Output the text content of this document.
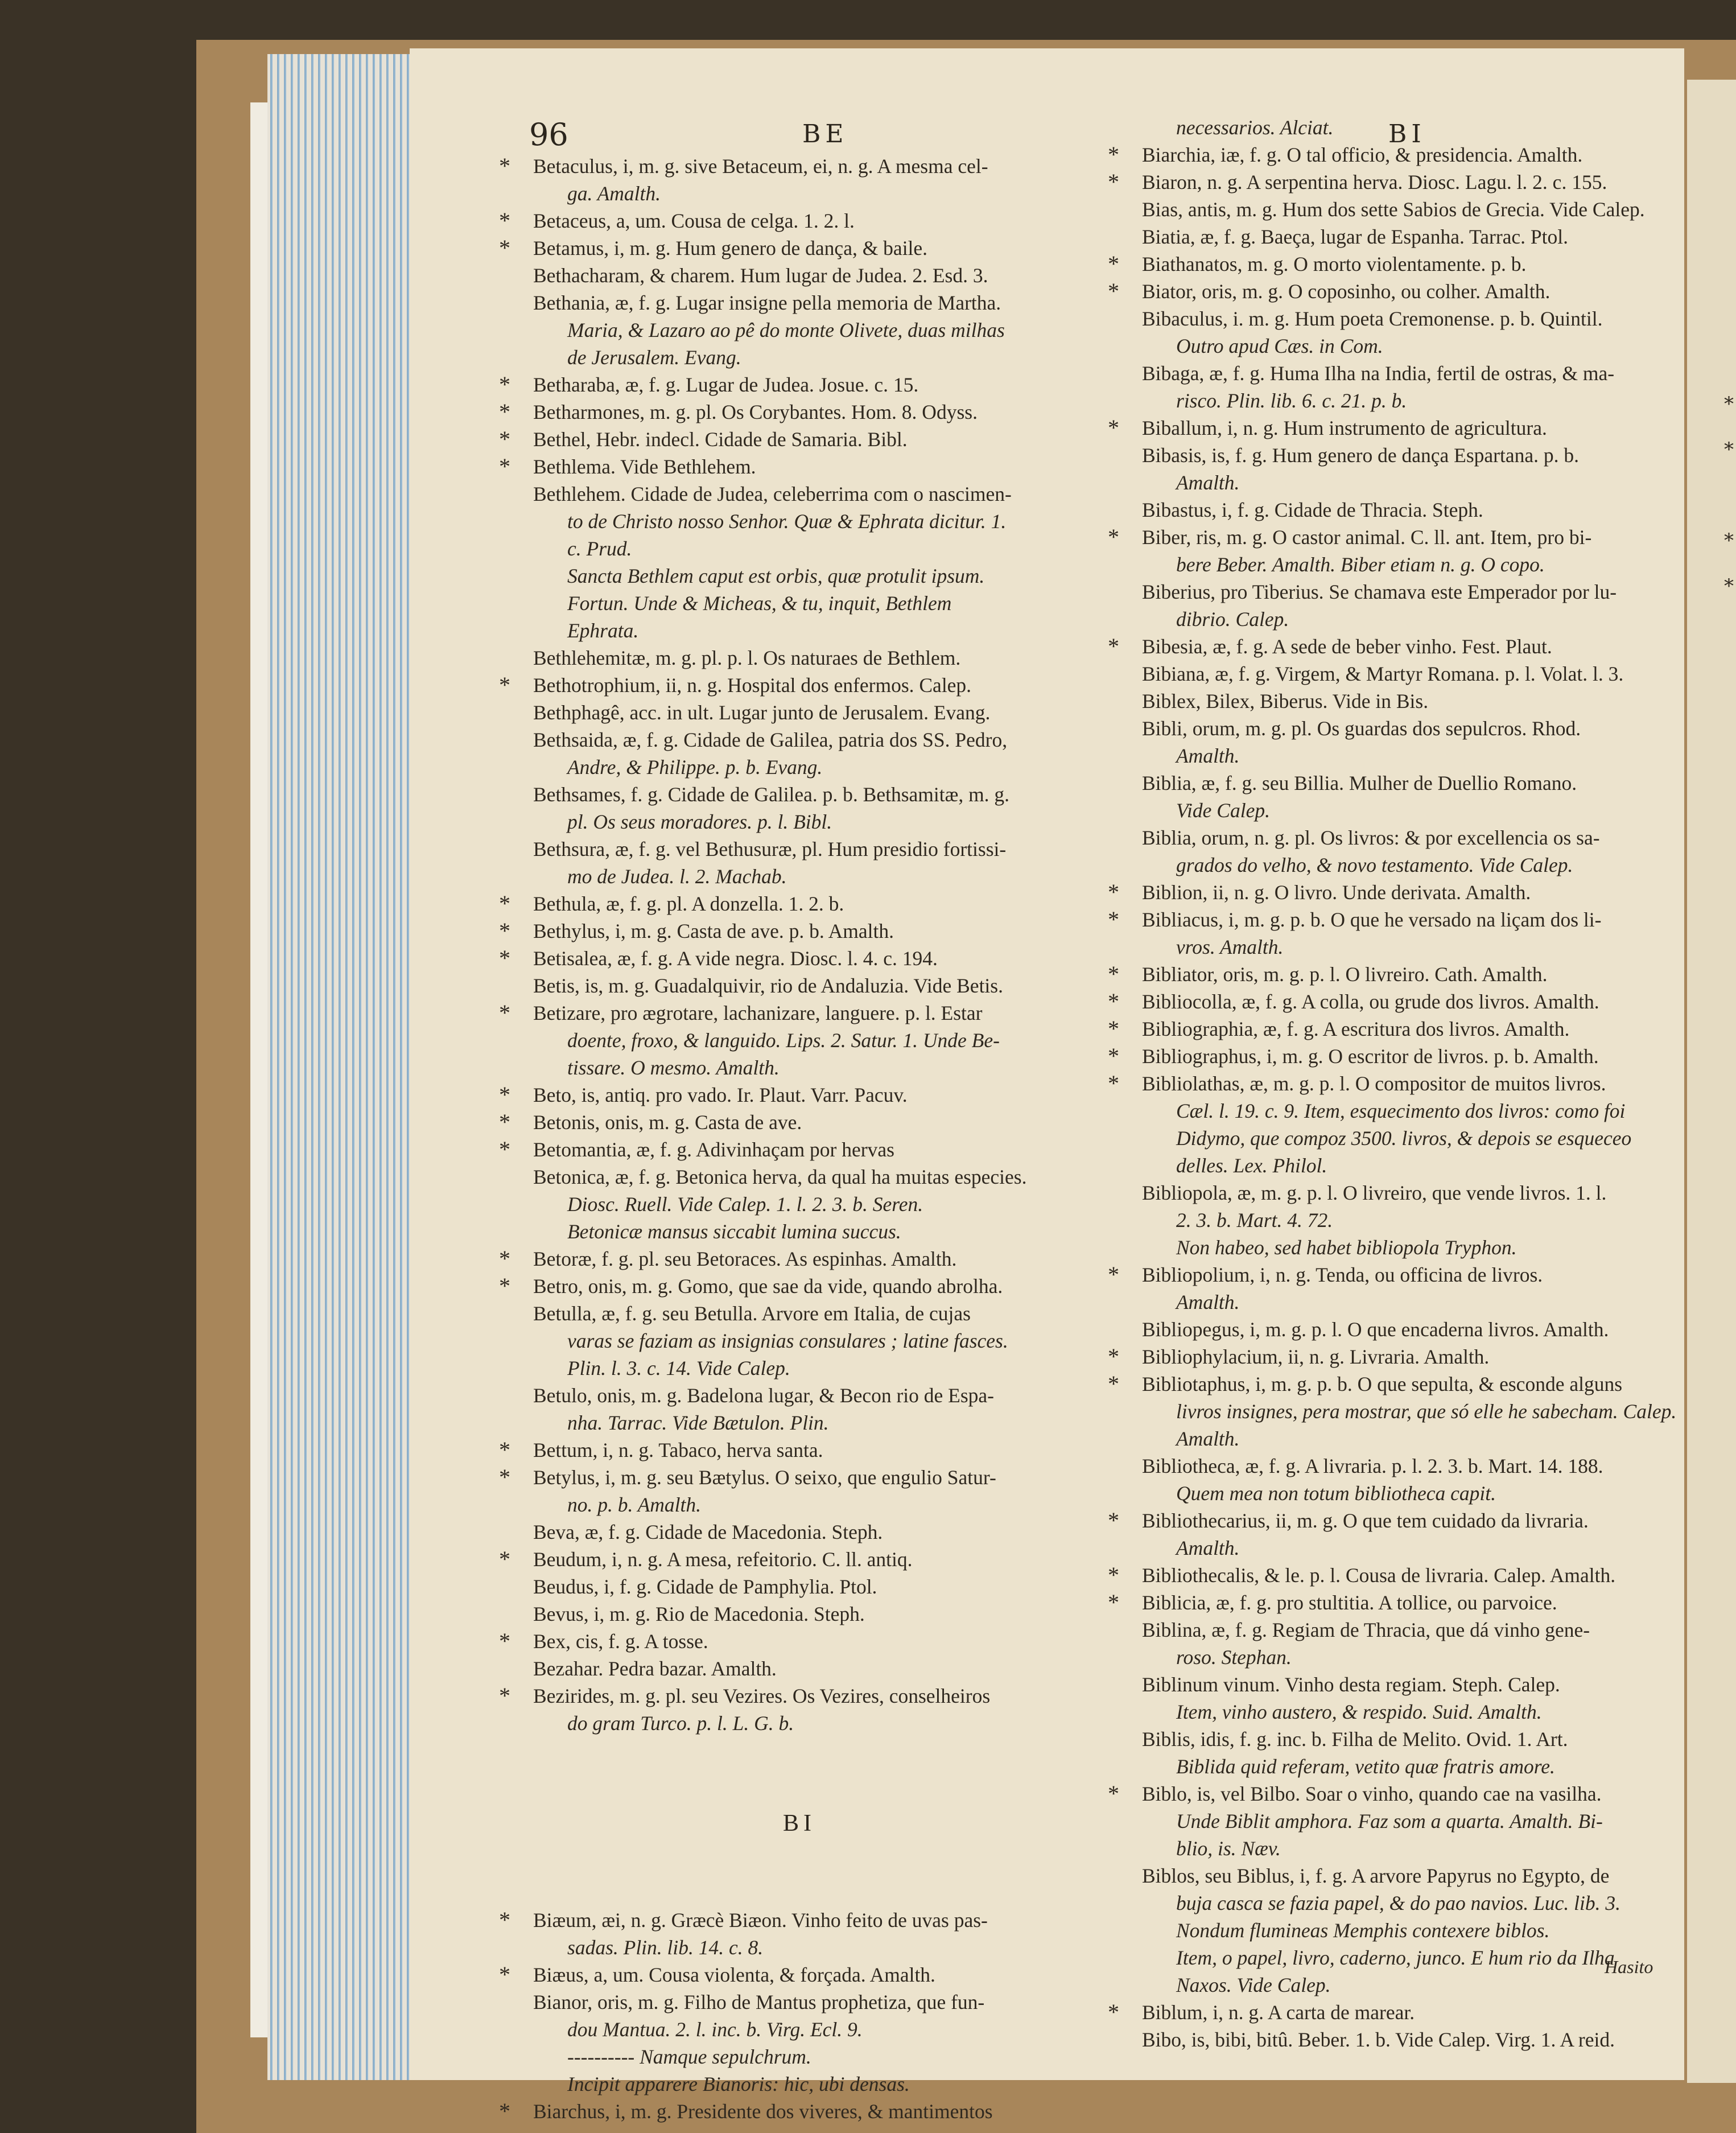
96	BE	BI

* Betaculus, i, m. g. sive Betaceum, ei, n. g. A mesma cel-

ga. Amalth.

* Betaceus, a, um. Cousa de celga. 1. 2. l.

* Betamus, i, m. g. Hum genero de dança, & baile.

Bethacharam, & charem. Hum lugar de Judea. 2. Esd. 3.

Bethania, æ, f. g. Lugar insigne pella memoria de Martha.

Maria, & Lazaro ao pê do monte Olivete, duas milhas

de Jerusalem. Evang.

* Betharaba, æ, f. g. Lugar de Judea. Josue. c. 15.

* Betharmones, m. g. pl. Os Corybantes. Hom. 8. Odyss.

* Bethel, Hebr. indecl. Cidade de Samaria. Bibl.

* Bethlema. Vide Bethlehem.

Bethlehem. Cidade de Judea, celeberrima com o nascimen-

to de Christo nosso Senhor. Quæ & Ephrata dicitur. 1.

c. Prud.

Sancta Bethlem caput est orbis, quæ protulit ipsum.

Fortun. Unde & Micheas, & tu, inquit, Bethlem

Ephrata.

Bethlehemitæ, m. g. pl. p. l. Os naturaes de Bethlem.

* Bethotrophium, ii, n. g. Hospital dos enfermos. Calep.

Bethphagê, acc. in ult. Lugar junto de Jerusalem. Evang.

Bethsaida, æ, f. g. Cidade de Galilea, patria dos SS. Pedro,

Andre, & Philippe. p. b. Evang.

Bethsames, f. g. Cidade de Galilea. p. b. Bethsamitæ, m. g.

pl. Os seus moradores. p. l. Bibl.

Bethsura, æ, f. g. vel Bethusuræ, pl. Hum presidio fortissi-

mo de Judea. l. 2. Machab.

* Bethula, æ, f. g. pl. A donzella. 1. 2. b.

* Bethylus, i, m. g. Casta de ave. p. b. Amalth.

* Betisalea, æ, f. g. A vide negra. Diosc. l. 4. c. 194.

Betis, is, m. g. Guadalquivir, rio de Andaluzia. Vide Betis.

* Betizare, pro ægrotare, lachanizare, languere. p. l. Estar

doente, froxo, & languido. Lips. 2. Satur. 1. Unde Be-

tissare. O mesmo. Amalth.

* Beto, is, antiq. pro vado. Ir. Plaut. Varr. Pacuv.

* Betonis, onis, m. g. Casta de ave.

* Betomantia, æ, f. g. Adivinhaçam por hervas

Betonica, æ, f. g. Betonica herva, da qual ha muitas especies.

Diosc. Ruell. Vide Calep. 1. l. 2. 3. b. Seren.

Betonicæ mansus siccabit lumina succus.

* Betoræ, f. g. pl. seu Betoraces. As espinhas. Amalth.

* Betro, onis, m. g. Gomo, que sae da vide, quando abrolha.

Betulla, æ, f. g. seu Betulla. Arvore em Italia, de cujas

varas se faziam as insignias consulares ; latine fasces.

Plin. l. 3. c. 14. Vide Calep.

Betulo, onis, m. g. Badelona lugar, & Becon rio de Espa-

nha. Tarrac. Vide Bætulon. Plin.

* Bettum, i, n. g. Tabaco, herva santa.

* Betylus, i, m. g. seu Bætylus. O seixo, que engulio Satur-

no. p. b. Amalth.

Beva, æ, f. g. Cidade de Macedonia. Steph.

* Beudum, i, n. g. A mesa, refeitorio. C. ll. antiq.

Beudus, i, f. g. Cidade de Pamphylia. Ptol.

Bevus, i, m. g. Rio de Macedonia. Steph.

* Bex, cis, f. g. A tosse.

Bezahar. Pedra bazar. Amalth.

* Bezirides, m. g. pl. seu Vezires. Os Vezires, conselheiros

do gram Turco. p. l. L. G. b.

BI

* Biæum, æi, n. g. Græcè Biæon. Vinho feito de uvas pas-

sadas. Plin. lib. 14. c. 8.

* Biæus, a, um. Cousa violenta, & forçada. Amalth.

Bianor, oris, m. g. Filho de Mantus prophetiza, que fun-

dou Mantua. 2. l. inc. b. Virg. Ecl. 9.

---------- Namque sepulchrum.

Incipit apparere Bianoris: hic, ubi densas.

* Biarchus, i, m. g. Presidente dos viveres, & mantimentos

necessarios. Alciat.

* Biarchia, iæ, f. g. O tal officio, & presidencia. Amalth.

* Biaron, n. g. A serpentina herva. Diosc. Lagu. l. 2. c. 155.

Bias, antis, m. g. Hum dos sette Sabios de Grecia. Vide Calep.

Biatia, æ, f. g. Baeça, lugar de Espanha. Tarrac. Ptol.

* Biathanatos, m. g. O morto violentamente. p. b.

* Biator, oris, m. g. O coposinho, ou colher. Amalth.

Bibaculus, i. m. g. Hum poeta Cremonense. p. b. Quintil.

Outro apud Cæs. in Com.

Bibaga, æ, f. g. Huma Ilha na India, fertil de ostras, & ma-

risco. Plin. lib. 6. c. 21. p. b.

* Biballum, i, n. g. Hum instrumento de agricultura.

Bibasis, is, f. g. Hum genero de dança Espartana. p. b.

Amalth.

Bibastus, i, f. g. Cidade de Thracia. Steph.

* Biber, ris, m. g. O castor animal. C. ll. ant. Item, pro bi-

bere Beber. Amalth. Biber etiam n. g. O copo.

Biberius, pro Tiberius. Se chamava este Emperador por lu-

dibrio. Calep.

* Bibesia, æ, f. g. A sede de beber vinho. Fest. Plaut.

Bibiana, æ, f. g. Virgem, & Martyr Romana. p. l. Volat. l. 3.

Biblex, Bilex, Biberus. Vide in Bis.

Bibli, orum, m. g. pl. Os guardas dos sepulcros. Rhod.

Amalth.

Biblia, æ, f. g. seu Billia. Mulher de Duellio Romano.

Vide Calep.

Biblia, orum, n. g. pl. Os livros: & por excellencia os sa-

grados do velho, & novo testamento. Vide Calep.

* Biblion, ii, n. g. O livro. Unde derivata. Amalth.

* Bibliacus, i, m. g. p. b. O que he versado na liçam dos li-

vros. Amalth.

* Bibliator, oris, m. g. p. l. O livreiro. Cath. Amalth.

* Bibliocolla, æ, f. g. A colla, ou grude dos livros. Amalth.

* Bibliographia, æ, f. g. A escritura dos livros. Amalth.

* Bibliographus, i, m. g. O escritor de livros. p. b. Amalth.

* Bibliolathas, æ, m. g. p. l. O compositor de muitos livros.

Cæl. l. 19. c. 9. Item, esquecimento dos livros: como foi

Didymo, que compoz 3500. livros, & depois se esqueceo

delles. Lex. Philol.

Bibliopola, æ, m. g. p. l. O livreiro, que vende livros. 1. l.

2. 3. b. Mart. 4. 72.

Non habeo, sed habet bibliopola Tryphon.

* Bibliopolium, i, n. g. Tenda, ou officina de livros.

Amalth.

Bibliopegus, i, m. g. p. l. O que encaderna livros. Amalth.

* Bibliophylacium, ii, n. g. Livraria. Amalth.

* Bibliotaphus, i, m. g. p. b. O que sepulta, & esconde alguns

livros insignes, pera mostrar, que só elle he sabecham. Calep.

Amalth.

Bibliotheca, æ, f. g. A livraria. p. l. 2. 3. b. Mart. 14. 188.

Quem mea non totum bibliotheca capit.

* Bibliothecarius, ii, m. g. O que tem cuidado da livraria.

Amalth.

* Bibliothecalis, & le. p. l. Cousa de livraria. Calep. Amalth.

* Biblicia, æ, f. g. pro stultitia. A tollice, ou parvoice.

Biblina, æ, f. g. Regiam de Thracia, que dá vinho gene-

roso. Stephan.

Biblinum vinum. Vinho desta regiam. Steph. Calep.

Item, vinho austero, & respido. Suid. Amalth.

Biblis, idis, f. g. inc. b. Filha de Melito. Ovid. 1. Art.

Biblida quid referam, vetito quæ fratris amore.

* Biblo, is, vel Bilbo. Soar o vinho, quando cae na vasilha.

Unde Biblit amphora. Faz som a quarta. Amalth. Bi-

blio, is. Næv.

Biblos, seu Biblus, i, f. g. A arvore Papyrus no Egypto, de

buja casca se fazia papel, & do pao navios. Luc. lib. 3.

Nondum flumineas Memphis contexere biblos.

Item, o papel, livro, caderno, junco. E hum rio da Ilha

Naxos. Vide Calep.

* Biblum, i, n. g. A carta de marear.

Bibo, is, bibi, bitû. Beber. 1. b. Vide Calep. Virg. 1. A reid.

Hasito
*
*
*
*
